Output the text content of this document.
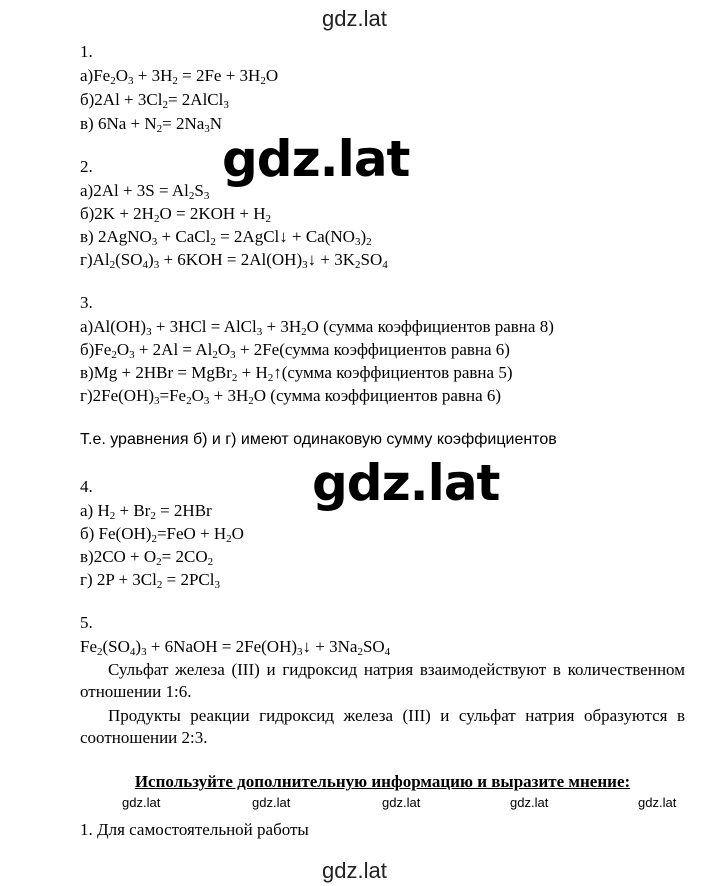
gdz.lat
1.
$а)Fe_2O_3 + 3H_2 = 2Fe + 3H_2O$
$б)2Al + 3Cl_2=$ 2AlCl$_3$
в) $6Na + N_2= 2Na_3N$
2.
$а)2Al + 3S = Al_2S_3$
$б)2K + 2H_2O = 2KOH + H_2$
в) 2AgNO$_3$ + CaCl$_2$ = 2AgCl↓ + $Ca(NO_3)_2$
$г)Al_2(SO_4)_3 + 6KOH$ = $2Al(OH)_3↓ + 3K_2SO_4$
gdz.lat
3.
$а)Al(OH)_3 + 3HCl$ = AlCl$_3$ + $3H_2O$ (сумма коэффициентов равна 8)
$б)Fe_2O_3 + 2Al = Al_2O_3$ + 2Fe(сумма коэффициентов равна 6)
в)Mg + 2HBr = MgBr$_2$ + $H_2↑(сумма$ коэффициентов равна 5)
$г)2Fe(OH)_3=Fe_2O_3 + 3H_2O$ (сумма коэффициентов равна 6)
Т.е. уравнения б) и г) имеют одинаковую сумму коэффициентов
4.
а) $H_2 + Br_2 = 2HBr$
б) $Fe(OH)_2=FeO + H_2O$
$в)2CO + O_2= 2CO_2$
г) $2P + 3Cl_2 = 2PCl_3$
gdz.lat
5.
$Fe_2(SO_4)_3$ + 6NaOH = $2Fe(OH)_3↓ + 3Na_2SO_4$
Сульфат железа (III) и гидроксид натрия взаимодействуют в количественном отношении 1:6.
Продукты реакции гидроксид железа (III) и сульфат натрия образуются в соотношении 2:3.
Используйте дополнительную информацию и выразите мнение:
gdz.lat	gdz.lat	gdz.lat	gdz.lat	gdz.lat
1. Для самостоятельной работы
gdz.lat
